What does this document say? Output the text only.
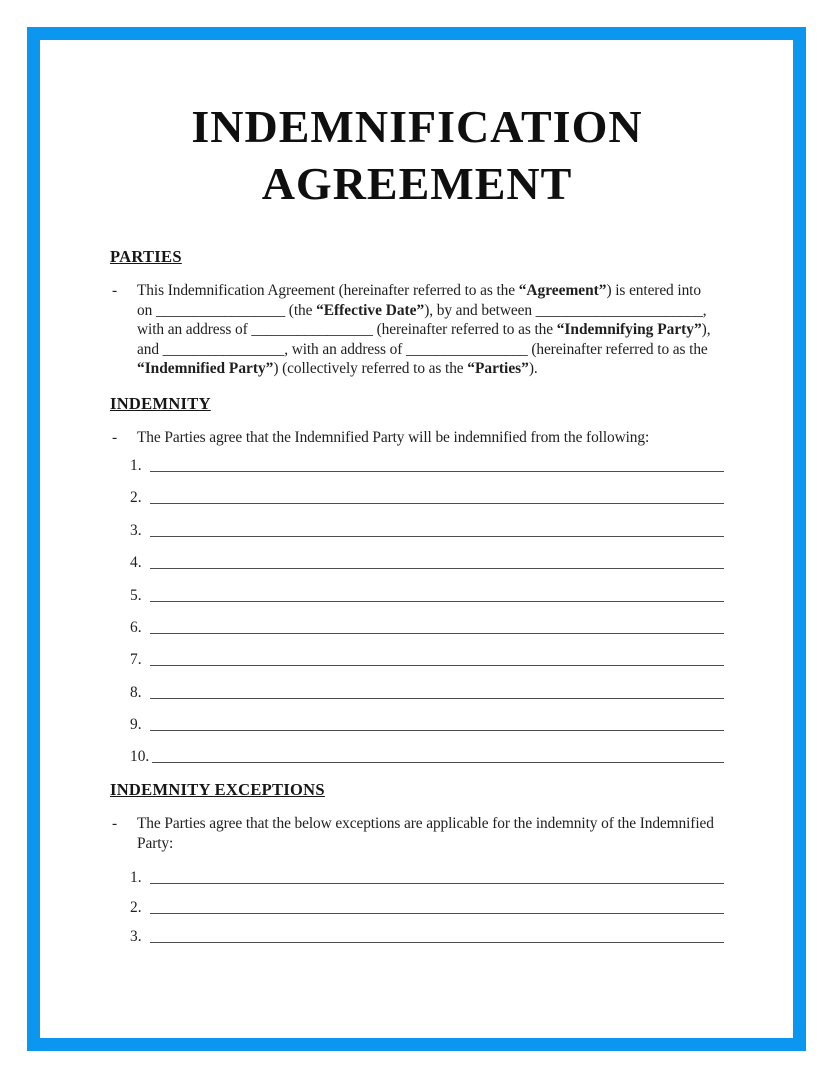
INDEMNIFICATION
AGREEMENT
PARTIES
-	This Indemnification Agreement (hereinafter referred to as the “Agreement”) is entered into
on _________________ (the “Effective Date”), by and between ______________________,
with an address of ________________ (hereinafter referred to as the “Indemnifying Party”),
and ________________, with an address of ________________ (hereinafter referred to as the
“Indemnified Party”) (collectively referred to as the “Parties”).
INDEMNITY
-	The Parties agree that the Indemnified Party will be indemnified from the following:
1.
2.
3.
4.
5.
6.
7.
8.
9.
10.
INDEMNITY EXCEPTIONS
-	The Parties agree that the below exceptions are applicable for the indemnity of the Indemnified
Party:
1.
2.
3.
